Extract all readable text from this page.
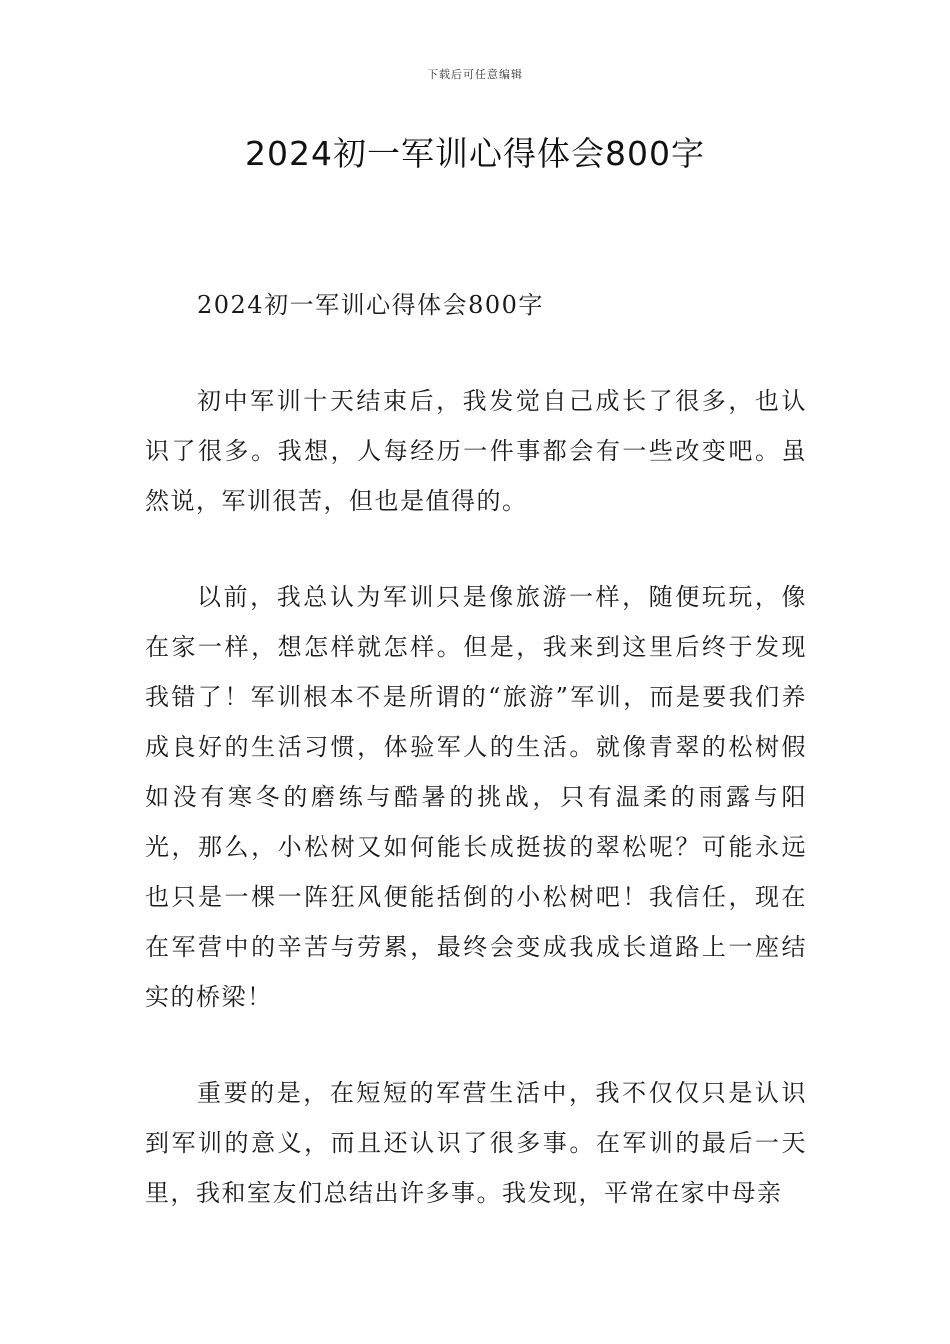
下载后可任意编辑
2024初一军训心得体会800字

2024初一军训心得体会800字

初中军训十天结束后，我发觉自己成长了很多，也认识了很多。我想，人每经历一件事都会有一些改变吧。虽然说，军训很苦，但也是值得的。

以前，我总认为军训只是像旅游一样，随便玩玩，像在家一样，想怎样就怎样。但是，我来到这里后终于发现我错了！军训根本不是所谓的“旅游”军训，而是要我们养成良好的生活习惯，体验军人的生活。就像青翠的松树假如没有寒冬的磨练与酷暑的挑战，只有温柔的雨露与阳光，那么，小松树又如何能长成挺拔的翠松呢？可能永远也只是一棵一阵狂风便能括倒的小松树吧！我信任，现在在军营中的辛苦与劳累，最终会变成我成长道路上一座结实的桥梁！

重要的是，在短短的军营生活中，我不仅仅只是认识到军训的意义，而且还认识了很多事。在军训的最后一天里，我和室友们总结出许多事。我发现，平常在家中母亲
